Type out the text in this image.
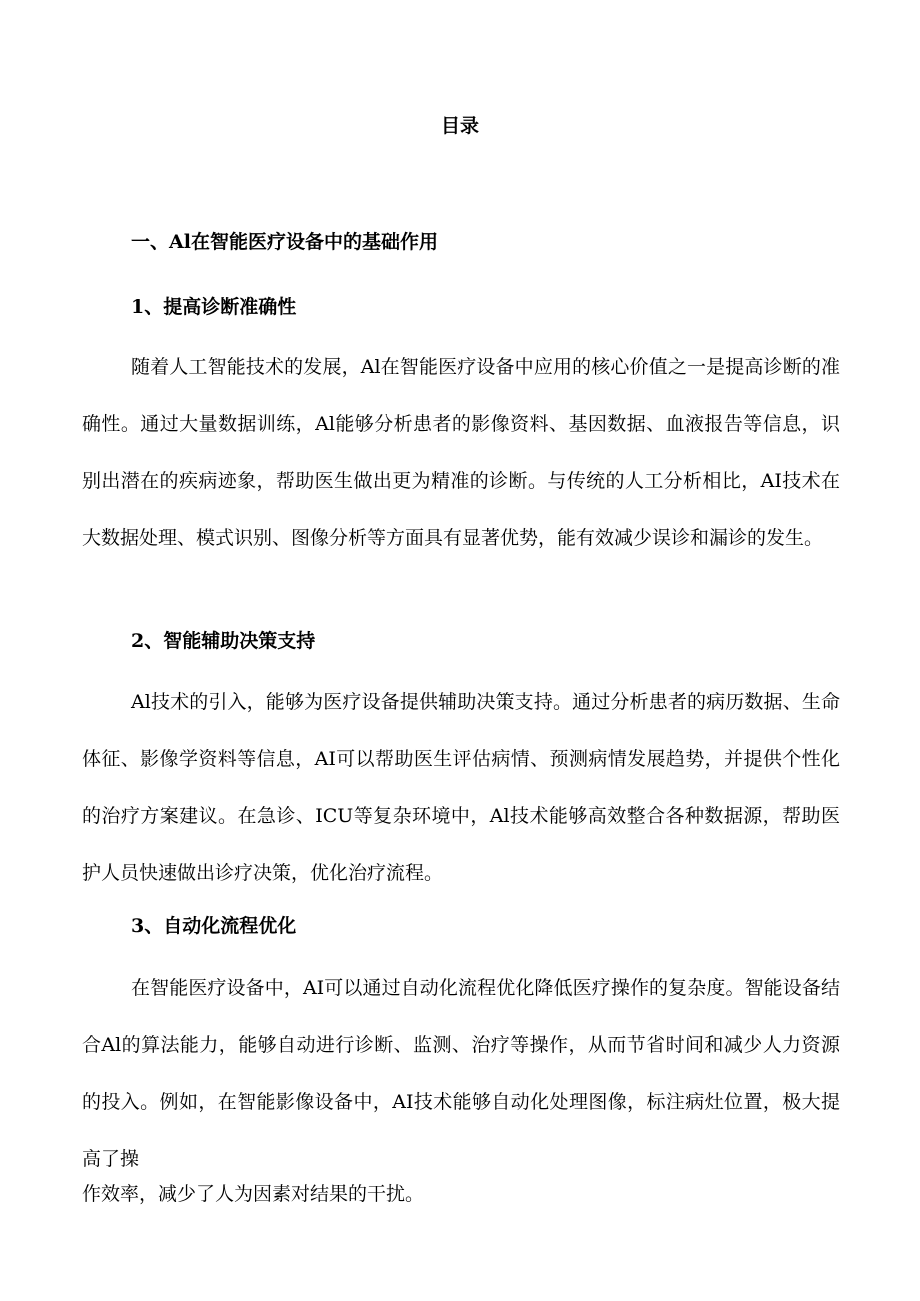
目录
一、Al在智能医疗设备中的基础作用
1、提高诊断准确性

随着人工智能技术的发展，Al在智能医疗设备中应用的核心价值之一是提高诊断的准确性。通过大量数据训练，Al能够分析患者的影像资料、基因数据、血液报告等信息，识别出潜在的疾病迹象，帮助医生做出更为精准的诊断。与传统的人工分析相比，AI技术在大数据处理、模式识别、图像分析等方面具有显著优势，能有效减少误诊和漏诊的发生。

2、智能辅助决策支持

Al技术的引入，能够为医疗设备提供辅助决策支持。通过分析患者的病历数据、生命体征、影像学资料等信息，AI可以帮助医生评估病情、预测病情发展趋势，并提供个性化的治疗方案建议。在急诊、ICU等复杂环境中，Al技术能够高效整合各种数据源，帮助医护人员快速做出诊疗决策，优化治疗流程。

3、自动化流程优化

在智能医疗设备中，AI可以通过自动化流程优化降低医疗操作的复杂度。智能设备结合Al的算法能力，能够自动进行诊断、监测、治疗等操作，从而节省时间和减少人力资源的投入。例如，在智能影像设备中，AI技术能够自动化处理图像，标注病灶位置，极大提高了操

作效率，减少了人为因素对结果的干扰。
